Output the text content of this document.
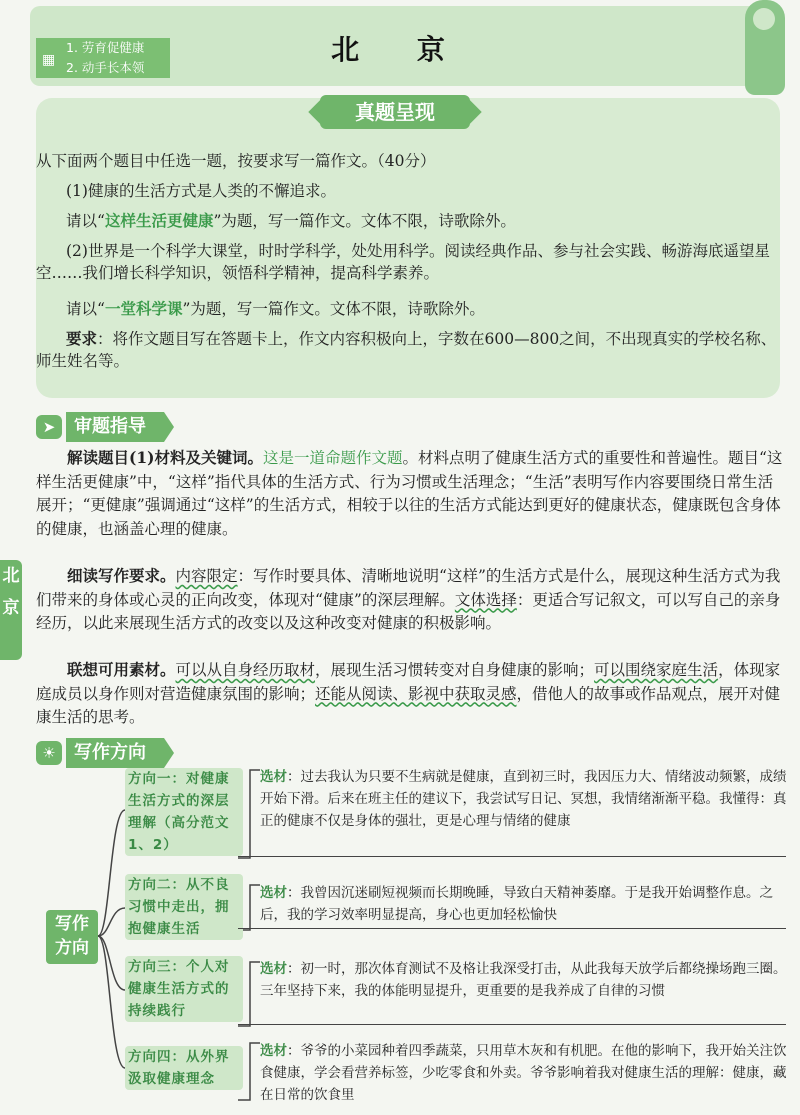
▦
1. 劳育促健康
2. 动手长本领
北 京
真题呈现
从下面两个题目中任选一题，按要求写一篇作文。（40分）
(1)健康的生活方式是人类的不懈追求。
请以“这样生活更健康”为题，写一篇作文。文体不限，诗歌除外。
(2)世界是一个科学大课堂，时时学科学，处处用科学。阅读经典作品、参与社会实践、畅游海底遥望星空……我们增长科学知识，领悟科学精神，提高科学素养。
请以“一堂科学课”为题，写一篇作文。文体不限，诗歌除外。
要求：将作文题目写在答题卡上，作文内容积极向上，字数在600—800之间，不出现真实的学校名称、师生姓名等。
➤	审题指导
北京
解读题目(1)材料及关键词。这是一道命题作文题。材料点明了健康生活方式的重要性和普遍性。题目“这样生活更健康”中，“这样”指代具体的生活方式、行为习惯或生活理念；“生活”表明写作内容要围绕日常生活展开；“更健康”强调通过“这样”的生活方式，相较于以往的生活方式能达到更好的健康状态，健康既包含身体的健康，也涵盖心理的健康。
细读写作要求。内容限定：写作时要具体、清晰地说明“这样”的生活方式是什么，展现这种生活方式为我们带来的身体或心灵的正向改变，体现对“健康”的深层理解。文体选择：更适合写记叙文，可以写自己的亲身经历，以此来展现生活方式的改变以及这种改变对健康的积极影响。
联想可用素材。可以从自身经历取材，展现生活习惯转变对自身健康的影响；可以围绕家庭生活，体现家庭成员以身作则对营造健康氛围的影响；还能从阅读、影视中获取灵感，借他人的故事或作品观点，展开对健康生活的思考。
☀	写作方向
写作
方向
方向一：对健康生活方式的深层理解（高分范文1、2）
选材：过去我认为只要不生病就是健康，直到初三时，我因压力大、情绪波动频繁，成绩开始下滑。后来在班主任的建议下，我尝试写日记、冥想，我情绪渐渐平稳。我懂得：真正的健康不仅是身体的强壮，更是心理与情绪的健康
方向二：从不良习惯中走出，拥抱健康生活
选材：我曾因沉迷刷短视频而长期晚睡，导致白天精神萎靡。于是我开始调整作息。之后，我的学习效率明显提高，身心也更加轻松愉快
方向三：个人对健康生活方式的持续践行
选材：初一时，那次体育测试不及格让我深受打击，从此我每天放学后都绕操场跑三圈。三年坚持下来，我的体能明显提升，更重要的是我养成了自律的习惯
方向四：从外界汲取健康理念
选材：爷爷的小菜园种着四季蔬菜，只用草木灰和有机肥。在他的影响下，我开始关注饮食健康，学会看营养标签，少吃零食和外卖。爷爷影响着我对健康生活的理解：健康，藏在日常的饮食里
